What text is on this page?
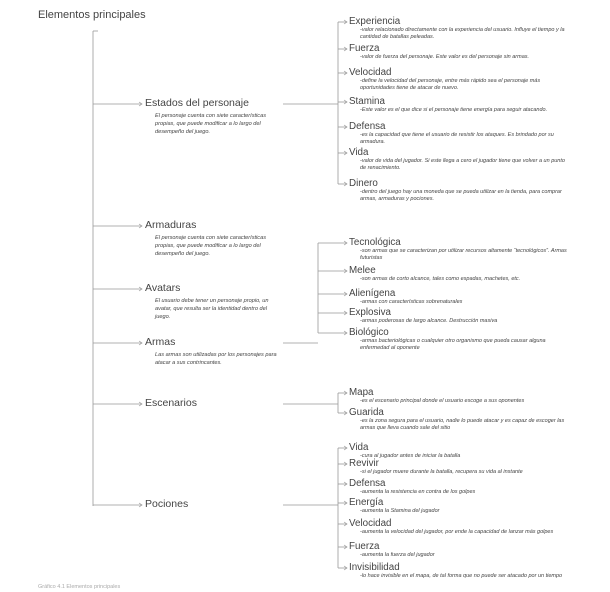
Elementos principales
Estados del personaje
El personaje cuenta con siete características propias, que puede modificar a lo largo del desempeño del juego.
Experiencia
-valor relacionado directamente con la experiencia del usuario. Influye el tiempo y la cantidad de batallas peleadas.
Fuerza
-valor de fuerza del personaje. Este valor es del personaje sin armas.
Velocidad
-define la velocidad del personaje, entre más rápido sea el personaje más oportunidades tiene de atacar de nuevo.
Stamina
-Este valor es el que dice si el personaje tiene energía para seguir atacando.
Defensa
-es la capacidad que tiene el usuario de resistir los ataques. Es brindado por su armadura.
Vida
-valor de vida del jugador. Si este llega a cero el jugador tiene que volver a un punto de renacimiento.
Dinero
-dentro del juego hay una moneda que se pueda utilizar en la tienda, para comprar armas, armaduras y pociones.
Armaduras
El personaje cuenta con siete características propias, que puede modificar a lo largo del desempeño del juego.
Avatars
El usuario debe tener un personaje propio, un avatar, que resulta ser la identidad dentro del juego.
Armas
Las armas son utilizadas por los personajes para atacar a sus contrincantes.
Tecnológica
-son armas que se caracterizan por utilizar recursos altamente “tecnológicos”. Armas futuristas
Melee
-son armas de corto alcance, tales como espadas, machetes, etc.
Alienígena
-armas con características sobrenaturales
Explosiva
-armas poderosas de largo alcance. Destrucción masiva
Biológico
-armas bacteriológicas o cualquier otro organismo que pueda causar alguna enfermedad al oponente
Escenarios
Mapa
-es el escenario principal donde el usuario escoge a sus oponentes
Guarida
-es la zona segura para el usuario, nadie lo puede atacar y es capaz de escoger las armas que lleva cuando sale del sitio
Pociones
Vida
-cura al jugador antes de iniciar la batalla
Revivir
-si el jugador muere durante la batalla, recupera su vida al instante
Defensa
-aumenta la resistencia en contra de los golpes
Energía
-aumenta la Stamina del jugador
Velocidad
-aumenta la velocidad del jugador, por ende la capacidad de lanzar más golpes
Fuerza
-aumenta la fuerza del jugador
Invisibilidad
-lo hace invisible en el mapa, de tal forma que no puede ser atacado por un tiempo
Gráfico 4.1 Elementos principales
